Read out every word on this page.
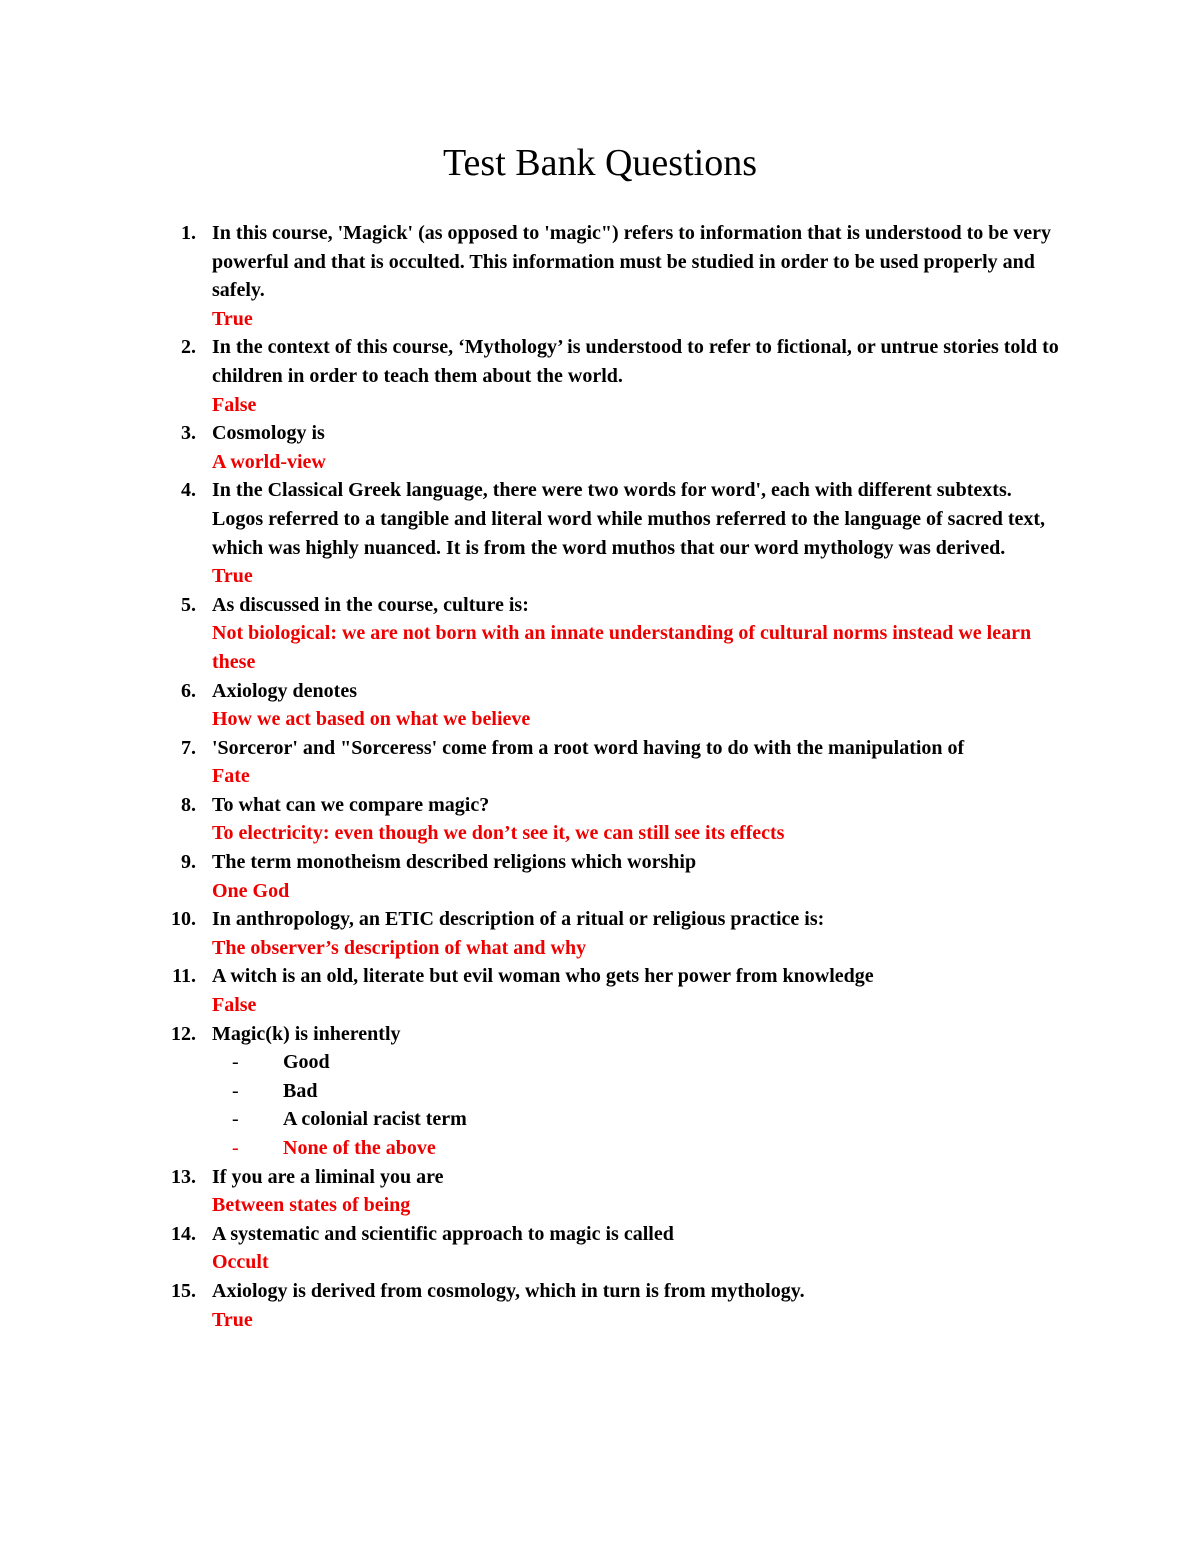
Test Bank Questions
1. In this course, 'Magick' (as opposed to 'magic") refers to information that is understood to be very powerful and that is occulted. This information must be studied in order to be used properly and safely.
True
2. In the context of this course, ‘Mythology’ is understood to refer to fictional, or untrue stories told to children in order to teach them about the world.
False
3. Cosmology is
A world-view
4. In the Classical Greek language, there were two words for word', each with different subtexts. Logos referred to a tangible and literal word while muthos referred to the language of sacred text, which was highly nuanced. It is from the word muthos that our word mythology was derived.
True
5. As discussed in the course, culture is:
Not biological: we are not born with an innate understanding of cultural norms instead we learn these
6. Axiology denotes
How we act based on what we believe
7. 'Sorceror' and "Sorceress' come from a root word having to do with the manipulation of
Fate
8. To what can we compare magic?
To electricity: even though we don’t see it, we can still see its effects
9. The term monotheism described religions which worship
One God
10. In anthropology, an ETIC description of a ritual or religious practice is:
The observer’s description of what and why
11. A witch is an old, literate but evil woman who gets her power from knowledge
False
12. Magic(k) is inherently
- Good
- Bad
- A colonial racist term
- None of the above
13. If you are a liminal you are
Between states of being
14. A systematic and scientific approach to magic is called
Occult
15. Axiology is derived from cosmology, which in turn is from mythology.
True
